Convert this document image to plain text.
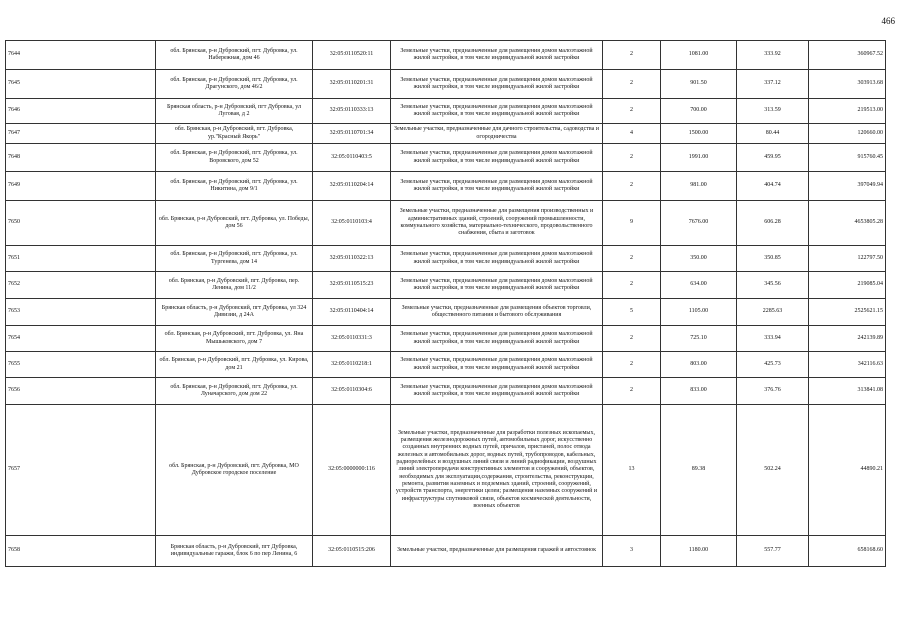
466
7644	обл. Брянская, р-н Дубровский, пгт. Дубровка, ул. Набережная, дом 46	32:05:0110520:11	Земельные участки, предназначенные для размещения домов малоэтажной жилой застройки, в том числе индивидуальной жилой застройки	2	1081.00	333.92	360967.52
7645	обл. Брянская, р-н Дубровский, пгт. Дубровка, ул. Драгунского, дом 46/2	32:05:0110201:31	Земельные участки, предназначенные для размещения домов малоэтажной жилой застройки, в том числе индивидуальной жилой застройки	2	901.50	337.12	303913.68
7646	Брянская область, р-н Дубровский, пгт Дубровка, ул Луговая, д 2	32:05:0110333:13	Земельные участки, предназначенные для размещения домов малоэтажной жилой застройки, в том числе индивидуальной жилой застройки	2	700.00	313.59	219513.00
7647	обл. Брянская, р-н Дубровский, пгт. Дубровка, ур."Красный Якорь"	32:05:0110701:34	Земельные участки, предназначенные для дачного строительства, садоводства и огородничества	4	1500.00	80.44	120660.00
7648	обл. Брянская, р-н Дубровский, пгт. Дубровка, ул. Воровского, дом 52	32:05:0110403:5	Земельные участки, предназначенные для размещения домов малоэтажной жилой застройки, в том числе индивидуальной жилой застройки	2	1991.00	459.95	915760.45
7649	обл. Брянская, р-н Дубровский, пгт. Дубровка, ул. Никитина, дом 9/1	32:05:0110204:14	Земельные участки, предназначенные для размещения домов малоэтажной жилой застройки, в том числе индивидуальной жилой застройки	2	981.00	404.74	397049.94
7650	обл. Брянская, р-н Дубровский, пгт. Дубровка, ул. Победы, дом 56	32:05:0110103:4	Земельные участки, предназначенные для размещения производственных и административных зданий, строений, сооружений промышленности, коммунального хозяйства, материально-технического, продовольственного снабжения, сбыта и заготовок	9	7676.00	606.28	4653805.28
7651	обл. Брянская, р-н Дубровский, пгт. Дубровка, ул. Тургенева, дом 14	32:05:0110322:13	Земельные участки, предназначенные для размещения домов малоэтажной жилой застройки, в том числе индивидуальной жилой застройки	2	350.00	350.85	122797.50
7652	обл. Брянская, р-н Дубровский, пгт. Дубровка, пер. Ленина, дом 11/2	32:05:0110515:23	Земельные участки, предназначенные для размещения домов малоэтажной жилой застройки, в том числе индивидуальной жилой застройки	2	634.00	345.56	219085.04
7653	Брянская область, р-н Дубровский, пгт Дубровка, ул 324 Дивизии, д 24А	32:05:0110404:14	Земельные участки, предназначенные для размещения объектов торговли, общественного питания и бытового обслуживания	5	1105.00	2285.63	2525621.15
7654	обл. Брянская, р-н Дубровский, пгт. Дубровка, ул. Яна Мышьковского, дом 7	32:05:0110331:3	Земельные участки, предназначенные для размещения домов малоэтажной жилой застройки, в том числе индивидуальной жилой застройки	2	725.10	333.94	242139.89
7655	обл. Брянская, р-н Дубровский, пгт. Дубровка, ул. Кирова, дом 21	32:05:0110218:1	Земельные участки, предназначенные для размещения домов малоэтажной жилой застройки, в том числе индивидуальной жилой застройки	2	803.00	425.73	342116.63
7656	обл. Брянская, р-н Дубровский, пгт. Дубровка, ул. Луначарского, дом дом 22	32:05:0110304:6	Земельные участки, предназначенные для размещения домов малоэтажной жилой застройки, в том числе индивидуальной жилой застройки	2	833.00	376.76	313841.08
7657	обл. Брянская, р-н Дубровский, пгт. Дубровка, МО Дубровское городское поселение	32:05:0000000:116	Земельные участки, предназначенные для разработки полезных ископаемых, размещения железнодорожных путей, автомобильных дорог, искусственно созданных внутренних водных путей, причалов, пристаней, полос отвода железных и автомобильных дорог, водных путей, трубопроводов, кабельных, радиорелейных и воздушных линий связи и линий радиофикации, воздушных линий электропередачи конструктивных элементов и сооружений, объектов, необходимых для эксплуатации,содержания, строительства, реконструкции, ремонта, развития наземных и подземных зданий, строений, сооружений, устройств транспорта, энергетики целеи; размещения наземных сооружений и инфраструктуры спутниковой связи, объектов космической деятельности, военных объектов	13	89.38	502.24	44890.21
7658	Брянская область, р-н Дубровский, пгт Дубровка, индивидуальные гаражи, блок 6 по пер Ленина, 6	32:05:0110515:206	Земельные участки, предназначенные для размещения гаражей и автостоянок	3	1180.00	557.77	658168.60
